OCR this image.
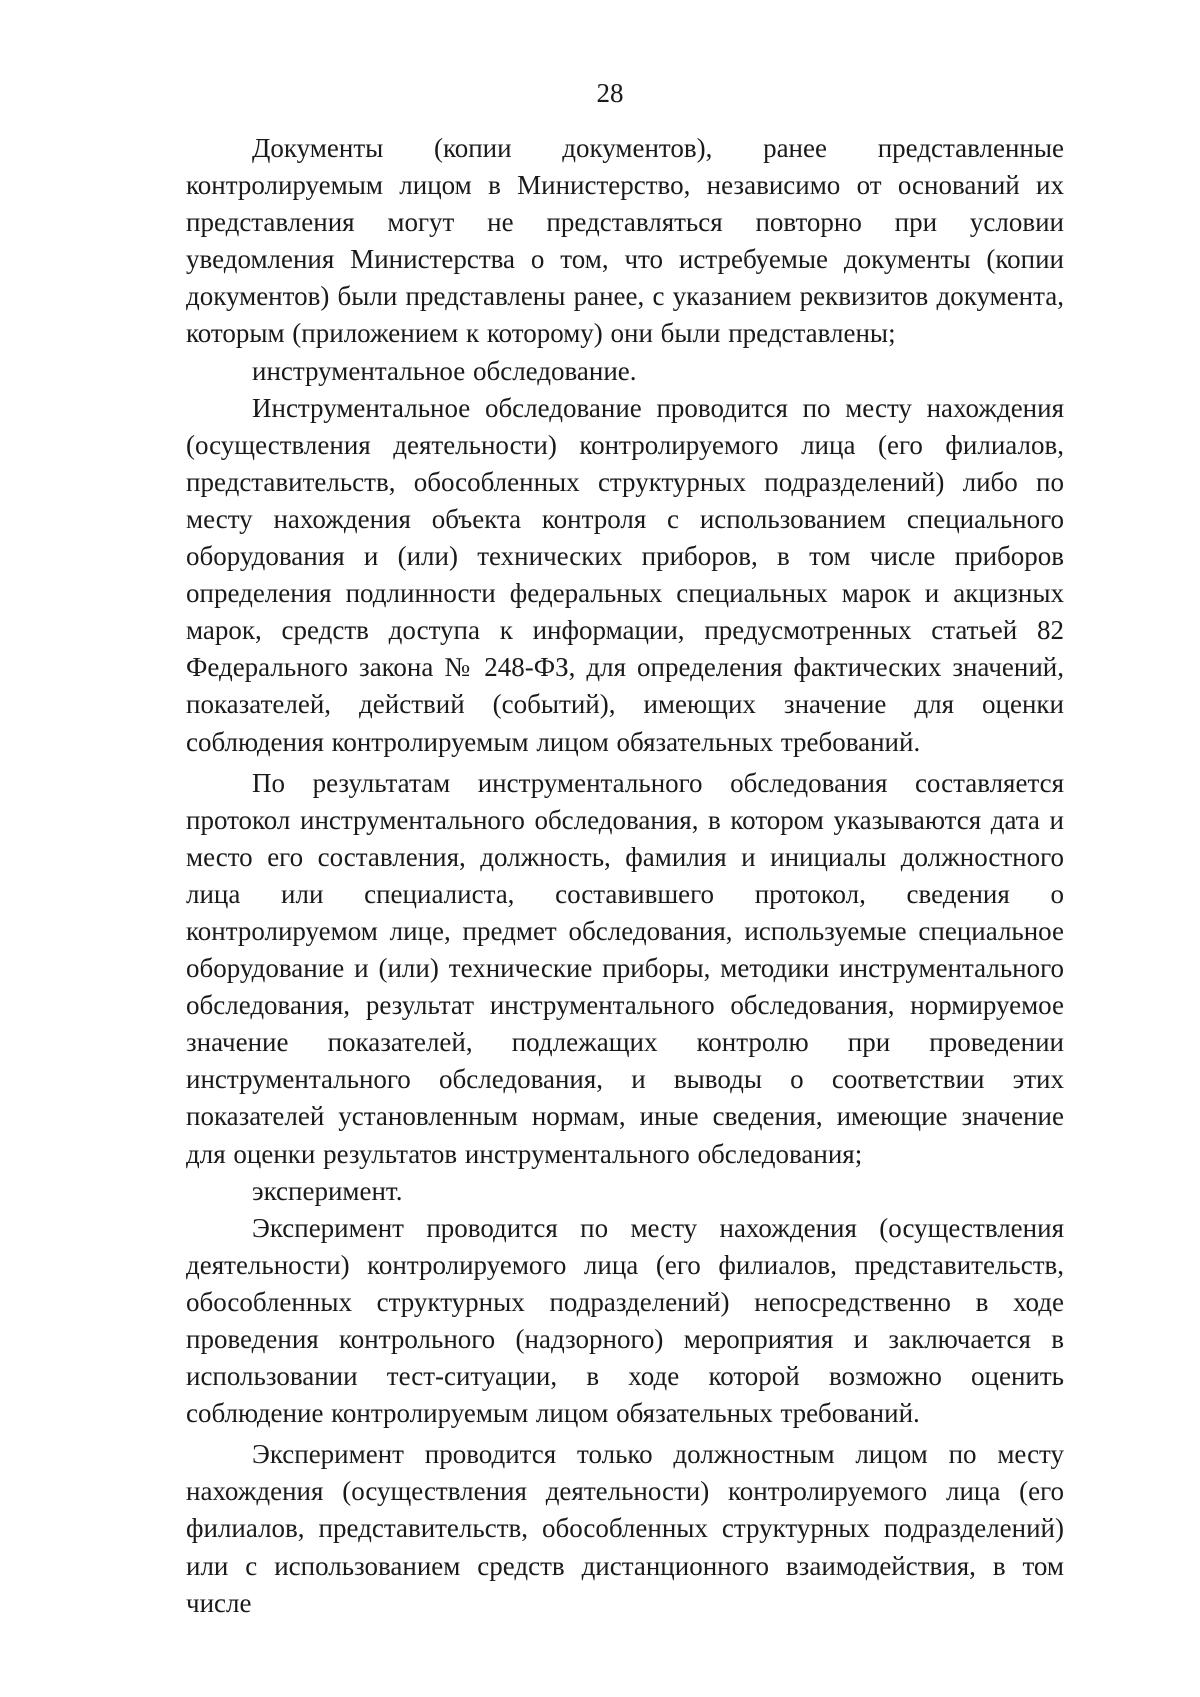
28

Документы (копии документов), ранее представленные контролируемым лицом в Министерство, независимо от оснований их представления могут не представляться повторно при условии уведомления Министерства о том, что истребуемые документы (копии документов) были представлены ранее, с указанием реквизитов документа, которым (приложением к которому) они были представлены;

инструментальное обследование.

Инструментальное обследование проводится по месту нахождения (осуществления деятельности) контролируемого лица (его филиалов, представительств, обособленных структурных подразделений) либо по месту нахождения объекта контроля с использованием специального оборудования и (или) технических приборов, в том числе приборов определения подлинности федеральных специальных марок и акцизных марок, средств доступа к информации, предусмотренных статьей 82 Федерального закона № 248-ФЗ, для определения фактических значений, показателей, действий (событий), имеющих значение для оценки соблюдения контролируемым лицом обязательных требований.

По результатам инструментального обследования составляется протокол инструментального обследования, в котором указываются дата и место его составления, должность, фамилия и инициалы должностного лица или специалиста, составившего протокол, сведения о контролируемом лице, предмет обследования, используемые специальное оборудование и (или) технические приборы, методики инструментального обследования, результат инструментального обследования, нормируемое значение показателей, подлежащих контролю при проведении инструментального обследования, и выводы о соответствии этих показателей установленным нормам, иные сведения, имеющие значение для оценки результатов инструментального обследования;

эксперимент.

Эксперимент проводится по месту нахождения (осуществления деятельности) контролируемого лица (его филиалов, представительств, обособленных структурных подразделений) непосредственно в ходе проведения контрольного (надзорного) мероприятия и заключается в использовании тест-ситуации, в ходе которой возможно оценить соблюдение контролируемым лицом обязательных требований.

Эксперимент проводится только должностным лицом по месту нахождения (осуществления деятельности) контролируемого лица (его филиалов, представительств, обособленных структурных подразделений) или с использованием средств дистанционного взаимодействия, в том числе
